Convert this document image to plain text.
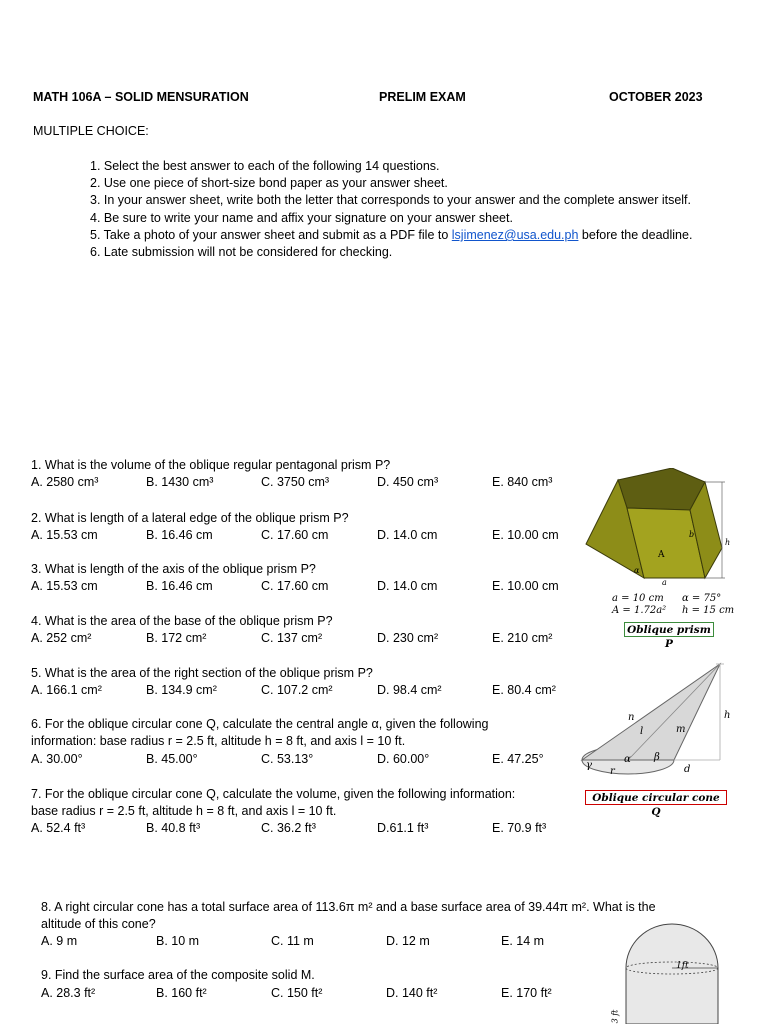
MATH 106A – SOLID MENSURATION	PRELIM EXAM	OCTOBER 2023
MULTIPLE CHOICE:
1. Select the best answer to each of the following 14 questions.
2. Use one piece of short-size bond paper as your answer sheet.
3. In your answer sheet, write both the letter that corresponds to your answer and the complete answer itself.
4. Be sure to write your name and affix your signature on your answer sheet.
5. Take a photo of your answer sheet and submit as a PDF file to lsjimenez@usa.edu.ph before the deadline.
6. Late submission will not be considered for checking.
1. What is the volume of the oblique regular pentagonal prism P?
A. 2580 cm³	B. 1430 cm³	C. 3750 cm³	D. 450 cm³	E. 840 cm³
2. What is length of a lateral edge of the oblique prism P?
A. 15.53 cm	B. 16.46 cm	C. 17.60 cm	D. 14.0 cm	E. 10.00 cm
3. What is length of the axis of the oblique prism P?
A. 15.53 cm	B. 16.46 cm	C. 17.60 cm	D. 14.0 cm	E. 10.00 cm
4. What is the area of the base of the oblique prism P?
A. 252 cm²	B. 172 cm²	C. 137 cm²	D. 230 cm²	E. 210 cm²
5. What is the area of the right section of the oblique prism P?
A. 166.1 cm²	B. 134.9 cm²	C. 107.2 cm²	D. 98.4 cm²	E. 80.4 cm²
6. For the oblique circular cone Q, calculate the central angle α, given the following
information: base radius r = 2.5 ft, altitude h = 8 ft, and axis l = 10 ft.
A. 30.00°	B. 45.00°	C. 53.13°	D. 60.00°	E. 47.25°
7. For the oblique circular cone Q, calculate the volume, given the following information:
base radius r = 2.5 ft, altitude h = 8 ft, and axis l = 10 ft.
A. 52.4 ft³	B. 40.8 ft³	C. 36.2 ft³	D.61.1 ft³	E. 70.9 ft³
8. A right circular cone has a total surface area of 113.6π m² and a base surface area of 39.44π m². What is the
altitude of this cone?
A. 9 m	B. 10 m	C. 11 m	D. 12 m	E. 14 m
9. Find the surface area of the composite solid M.
A. 28.3 ft²	B. 160 ft²	C. 150 ft²	D. 140 ft²	E. 170 ft²
A
b
h
α
a
a = 10 cm
A = 1.72a²
α = 75°
h = 15 cm
Oblique prism P
n
l	m
h
α β
γ
r	d
Oblique circular cone Q
1ft
3 ft
